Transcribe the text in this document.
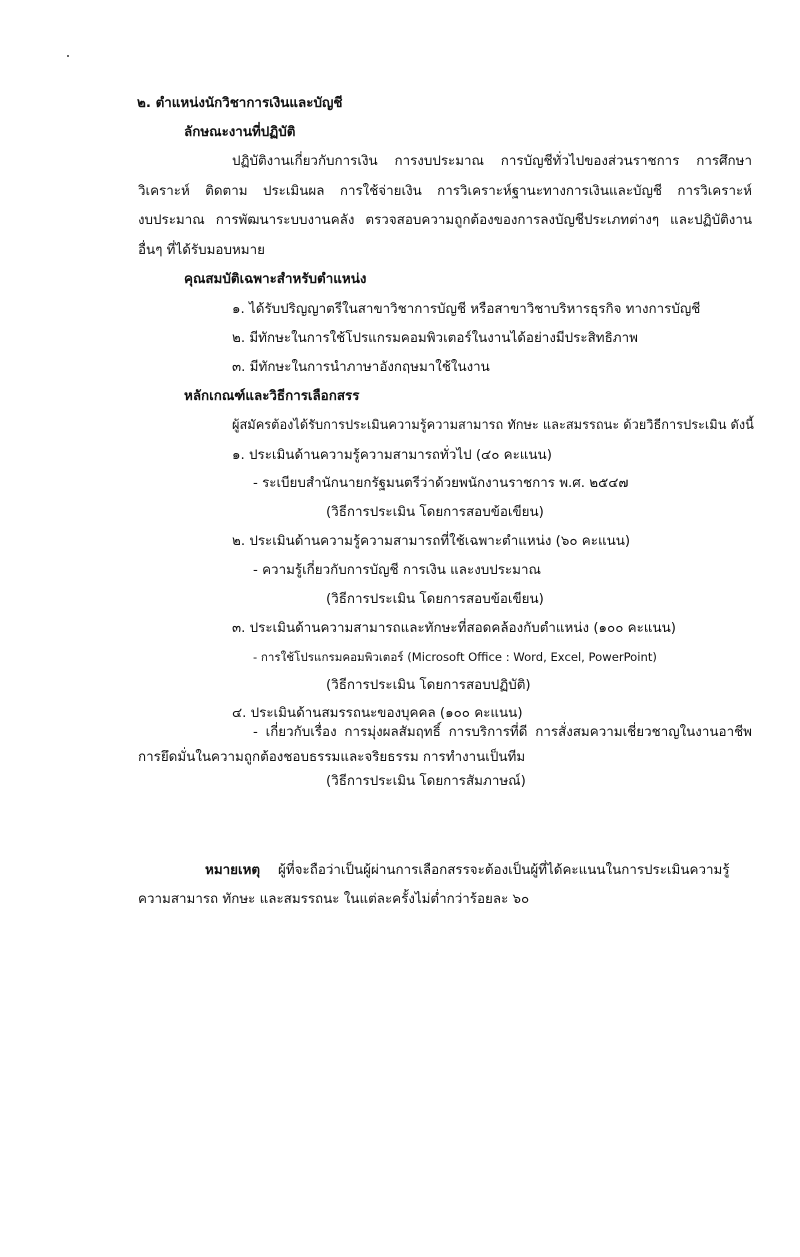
๒. ตำแหน่งนักวิชาการเงินและบัญชี
ลักษณะงานที่ปฏิบัติ
ปฏิบัติงานเกี่ยวกับการเงิน การงบประมาณ การบัญชีทั่วไปของส่วนราชการ การศึกษา
วิเคราะห์ ติดตาม ประเมินผล การใช้จ่ายเงิน การวิเคราะห์ฐานะทางการเงินและบัญชี การวิเคราะห์
งบประมาณ การพัฒนาระบบงานคลัง ตรวจสอบความถูกต้องของการลงบัญชีประเภทต่างๆ และปฏิบัติงาน
อื่นๆ ที่ได้รับมอบหมาย
คุณสมบัติเฉพาะสำหรับตำแหน่ง
๑. ได้รับปริญญาตรีในสาขาวิชาการบัญชี หรือสาขาวิชาบริหารธุรกิจ ทางการบัญชี
๒. มีทักษะในการใช้โปรแกรมคอมพิวเตอร์ในงานได้อย่างมีประสิทธิภาพ
๓. มีทักษะในการนำภาษาอังกฤษมาใช้ในงาน
หลักเกณฑ์และวิธีการเลือกสรร
ผู้สมัครต้องได้รับการประเมินความรู้ความสามารถ ทักษะ และสมรรถนะ ด้วยวิธีการประเมิน ดังนี้
๑. ประเมินด้านความรู้ความสามารถทั่วไป (๔๐ คะแนน)
- ระเบียบสำนักนายกรัฐมนตรีว่าด้วยพนักงานราชการ พ.ศ. ๒๕๔๗
(วิธีการประเมิน โดยการสอบข้อเขียน)
๒. ประเมินด้านความรู้ความสามารถที่ใช้เฉพาะตำแหน่ง (๖๐ คะแนน)
- ความรู้เกี่ยวกับการบัญชี การเงิน และงบประมาณ
(วิธีการประเมิน โดยการสอบข้อเขียน)
๓. ประเมินด้านความสามารถและทักษะที่สอดคล้องกับตำแหน่ง (๑๐๐ คะแนน)
- การใช้โปรแกรมคอมพิวเตอร์ (Microsoft Office : Word, Excel, PowerPoint)
(วิธีการประเมิน โดยการสอบปฏิบัติ)
๔. ประเมินด้านสมรรถนะของบุคคล (๑๐๐ คะแนน)
- เกี่ยวกับเรื่อง การมุ่งผลสัมฤทธิ์ การบริการที่ดี การสั่งสมความเชี่ยวชาญในงานอาชีพ
การยึดมั่นในความถูกต้องชอบธรรมและจริยธรรม การทำงานเป็นทีม
(วิธีการประเมิน โดยการสัมภาษณ์)
หมายเหตุ ผู้ที่จะถือว่าเป็นผู้ผ่านการเลือกสรรจะต้องเป็นผู้ที่ได้คะแนนในการประเมินความรู้
ความสามารถ ทักษะ และสมรรถนะ ในแต่ละครั้งไม่ต่ำกว่าร้อยละ ๖๐
